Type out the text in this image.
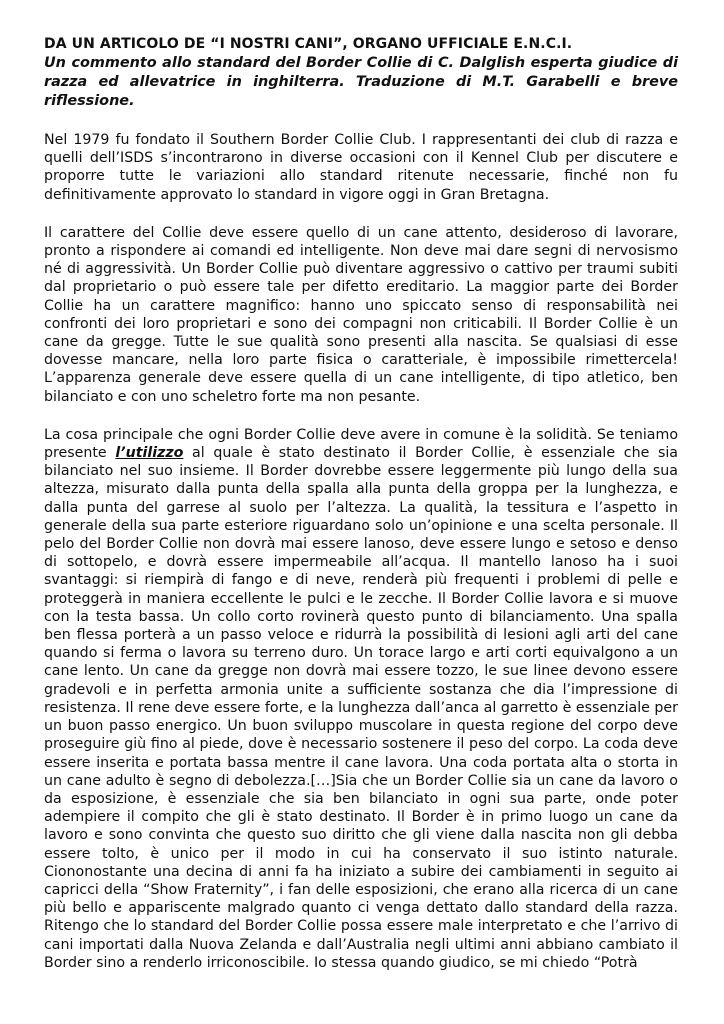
DA UN ARTICOLO DE “I NOSTRI CANI”, ORGANO UFFICIALE E.N.C.I.

Un commento allo standard del Border Collie di C. Dalglish esperta giudice di razza ed allevatrice in inghilterra. Traduzione di M.T. Garabelli e breve riflessione.

Nel 1979 fu fondato il Southern Border Collie Club. I rappresentanti dei club di razza e quelli dell’ISDS s’incontrarono in diverse occasioni con il Kennel Club per discutere e proporre tutte le variazioni allo standard ritenute necessarie, finché non fu definitivamente approvato lo standard in vigore oggi in Gran Bretagna.

Il carattere del Collie deve essere quello di un cane attento, desideroso di lavorare, pronto a rispondere ai comandi ed intelligente. Non deve mai dare segni di nervosismo né di aggressività. Un Border Collie può diventare aggressivo o cattivo per traumi subiti dal proprietario o può essere tale per difetto ereditario. La maggior parte dei Border Collie ha un carattere magnifico: hanno uno spiccato senso di responsabilità nei confronti dei loro proprietari e sono dei compagni non criticabili. Il Border Collie è un cane da gregge. Tutte le sue qualità sono presenti alla nascita. Se qualsiasi di esse dovesse mancare, nella loro parte fisica o caratteriale, è impossibile rimettercela! L’apparenza generale deve essere quella di un cane intelligente, di tipo atletico, ben bilanciato e con uno scheletro forte ma non pesante.

La cosa principale che ogni Border Collie deve avere in comune è la solidità. Se teniamo presente l’utilizzo al quale è stato destinato il Border Collie, è essenziale che sia bilanciato nel suo insieme. Il Border dovrebbe essere leggermente più lungo della sua altezza, misurato dalla punta della spalla alla punta della groppa per la lunghezza, e dalla punta del garrese al suolo per l’altezza. La qualità, la tessitura e l’aspetto in generale della sua parte esteriore riguardano solo un’opinione e una scelta personale. Il pelo del Border Collie non dovrà mai essere lanoso, deve essere lungo e setoso e denso di sottopelo, e dovrà essere impermeabile all’acqua. Il mantello lanoso ha i suoi svantaggi: si riempirà di fango e di neve, renderà più frequenti i problemi di pelle e proteggerà in maniera eccellente le pulci e le zecche. Il Border Collie lavora e si muove con la testa bassa. Un collo corto rovinerà questo punto di bilanciamento. Una spalla ben flessa porterà a un passo veloce e ridurrà la possibilità di lesioni agli arti del cane quando si ferma o lavora su terreno duro. Un torace largo e arti corti equivalgono a un cane lento. Un cane da gregge non dovrà mai essere tozzo, le sue linee devono essere gradevoli e in perfetta armonia unite a sufficiente sostanza che dia l’impressione di resistenza. Il rene deve essere forte, e la lunghezza dall’anca al garretto è essenziale per un buon passo energico. Un buon sviluppo muscolare in questa regione del corpo deve proseguire giù fino al piede, dove è necessario sostenere il peso del corpo. La coda deve essere inserita e portata bassa mentre il cane lavora. Una coda portata alta o storta in un cane adulto è segno di debolezza.[…]Sia che un Border Collie sia un cane da lavoro o da esposizione, è essenziale che sia ben bilanciato in ogni sua parte, onde poter adempiere il compito che gli è stato destinato. Il Border è in primo luogo un cane da lavoro e sono convinta che questo suo diritto che gli viene dalla nascita non gli debba essere tolto, è unico per il modo in cui ha conservato il suo istinto naturale. Ciononostante una decina di anni fa ha iniziato a subire dei cambiamenti in seguito ai capricci della “Show Fraternity”, i fan delle esposizioni, che erano alla ricerca di un cane più bello e appariscente malgrado quanto ci venga dettato dallo standard della razza. Ritengo che lo standard del Border Collie possa essere male interpretato e che l’arrivo di cani importati dalla Nuova Zelanda e dall’Australia negli ultimi anni abbiano cambiato il Border sino a renderlo irriconoscibile. Io stessa quando giudico, se mi chiedo “Potrà
